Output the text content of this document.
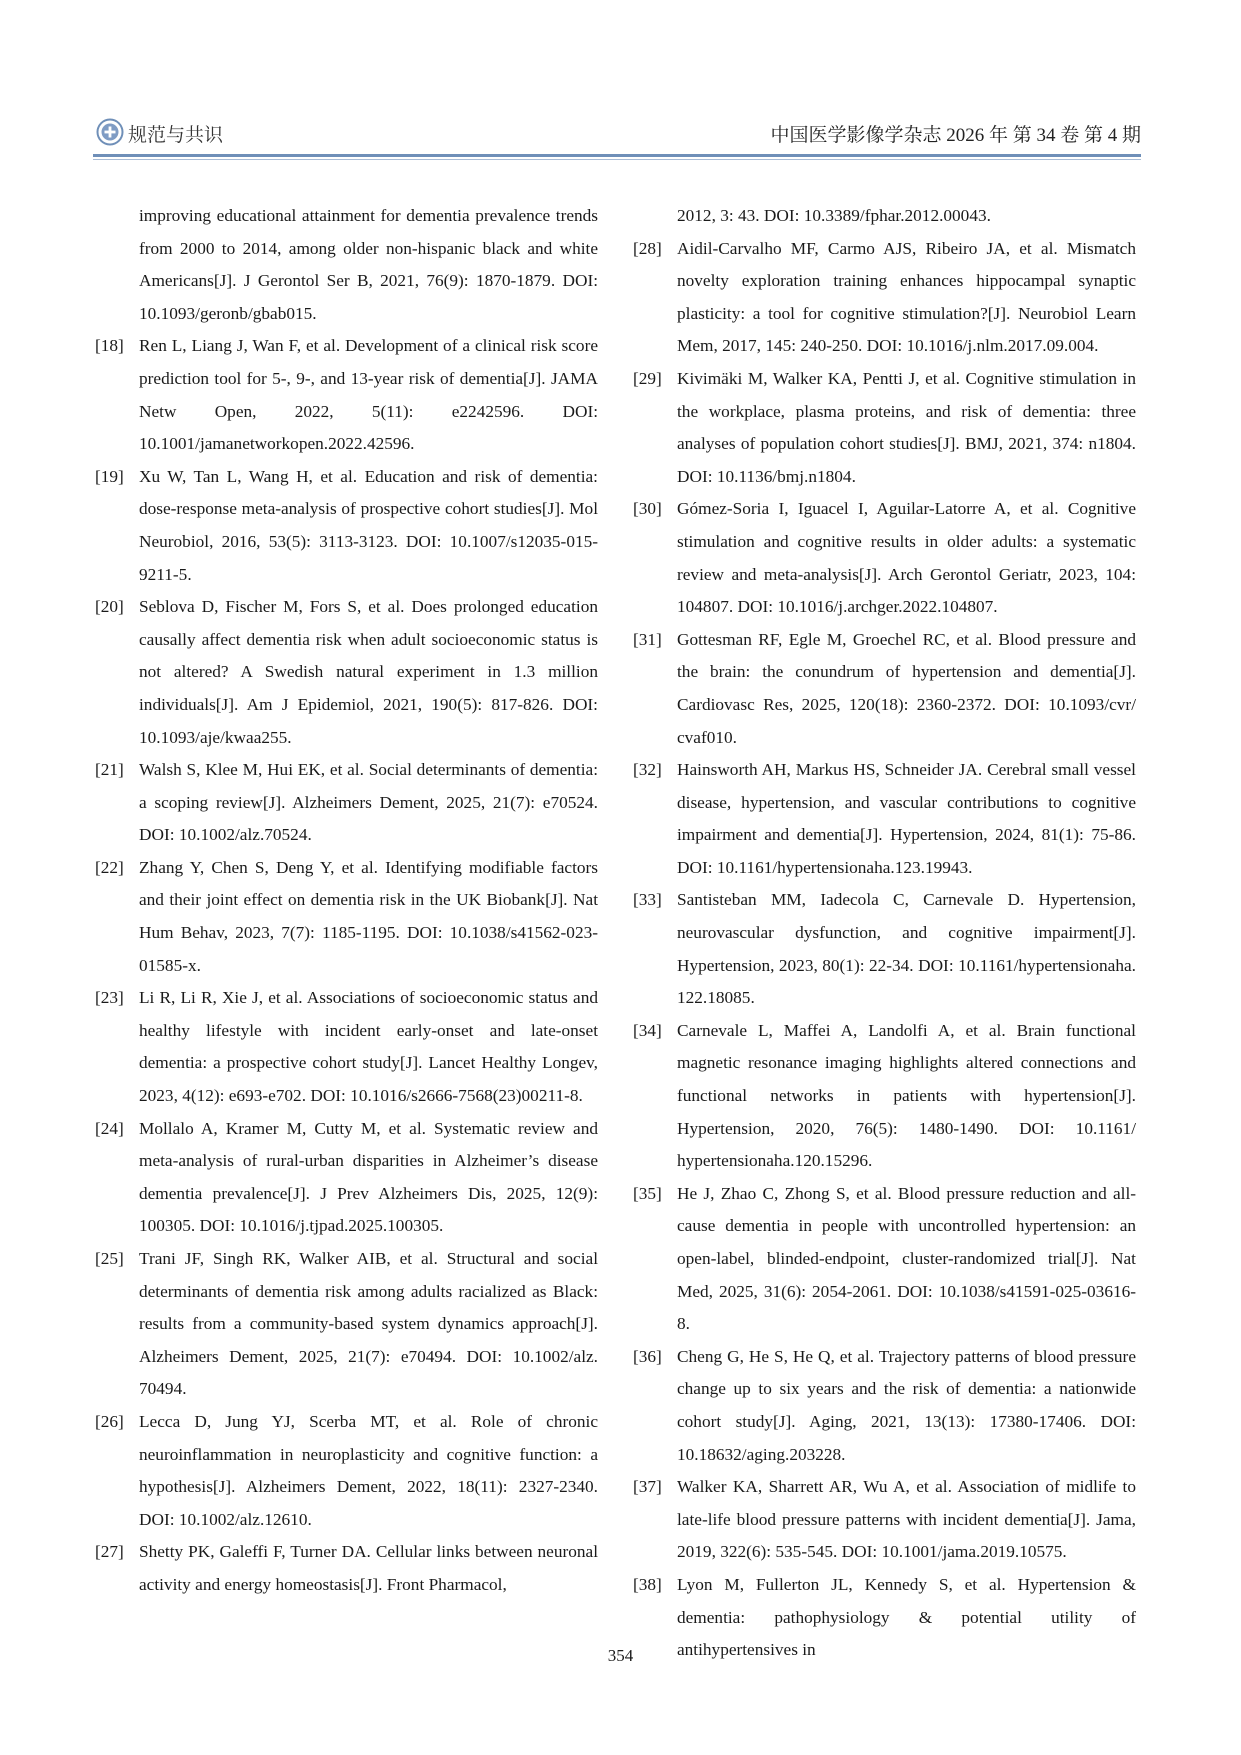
规范与共识	中国医学影像学杂志 2026 年 第 34 卷 第 4 期

improving educational attainment for dementia prevalence trends from 2000 to 2014, among older non-hispanic black and white Americans[J]. J Gerontol Ser B, 2021, 76(9): 1870-1879. DOI: 10.1093/geronb/gbab015.

[18] Ren L, Liang J, Wan F, et al. Development of a clinical risk score prediction tool for 5-, 9-, and 13-year risk of dementia[J]. JAMA Netw Open, 2022, 5(11): e2242596. DOI: 10.1001/jamanetworkopen.2022.42596.

[19] Xu W, Tan L, Wang H, et al. Education and risk of dementia: dose-response meta-analysis of prospective cohort studies[J]. Mol Neurobiol, 2016, 53(5): 3113-3123. DOI: 10.1007/s12035-015-9211-5.

[20] Seblova D, Fischer M, Fors S, et al. Does prolonged education causally affect dementia risk when adult socioeconomic status is not altered? A Swedish natural experiment in 1.3 million individuals[J]. Am J Epidemiol, 2021, 190(5): 817-826. DOI: 10.1093/aje/kwaa255.

[21] Walsh S, Klee M, Hui EK, et al. Social determinants of dementia: a scoping review[J]. Alzheimers Dement, 2025, 21(7): e70524. DOI: 10.1002/alz.70524.

[22] Zhang Y, Chen S, Deng Y, et al. Identifying modifiable factors and their joint effect on dementia risk in the UK Biobank[J]. Nat Hum Behav, 2023, 7(7): 1185-1195. DOI: 10.1038/s41562-023-01585-x.

[23] Li R, Li R, Xie J, et al. Associations of socioeconomic status and healthy lifestyle with incident early-onset and late-onset dementia: a prospective cohort study[J]. Lancet Healthy Longev, 2023, 4(12): e693-e702. DOI: 10.1016/s2666-7568(23)00211-8.

[24] Mollalo A, Kramer M, Cutty M, et al. Systematic review and meta-analysis of rural-urban disparities in Alzheimer’s disease dementia prevalence[J]. J Prev Alzheimers Dis, 2025, 12(9): 100305. DOI: 10.1016/j.tjpad.2025.100305.

[25] Trani JF, Singh RK, Walker AIB, et al. Structural and social determinants of dementia risk among adults racialized as Black: results from a community-based system dynamics approach[J]. Alzheimers Dement, 2025, 21(7): e70494. DOI: 10.1002/alz. 70494.

[26] Lecca D, Jung YJ, Scerba MT, et al. Role of chronic neuroinflammation in neuroplasticity and cognitive function: a hypothesis[J]. Alzheimers Dement, 2022, 18(11): 2327-2340. DOI: 10.1002/alz.12610.

[27] Shetty PK, Galeffi F, Turner DA. Cellular links between neuronal activity and energy homeostasis[J]. Front Pharmacol,

2012, 3: 43. DOI: 10.3389/fphar.2012.00043.

[28] Aidil-Carvalho MF, Carmo AJS, Ribeiro JA, et al. Mismatch novelty exploration training enhances hippocampal synaptic plasticity: a tool for cognitive stimulation?[J]. Neurobiol Learn Mem, 2017, 145: 240-250. DOI: 10.1016/j.nlm.2017.09.004.

[29] Kivimäki M, Walker KA, Pentti J, et al. Cognitive stimulation in the workplace, plasma proteins, and risk of dementia: three analyses of population cohort studies[J]. BMJ, 2021, 374: n1804. DOI: 10.1136/bmj.n1804.

[30] Gómez-Soria I, Iguacel I, Aguilar-Latorre A, et al. Cognitive stimulation and cognitive results in older adults: a systematic review and meta-analysis[J]. Arch Gerontol Geriatr, 2023, 104: 104807. DOI: 10.1016/j.archger.2022.104807.

[31] Gottesman RF, Egle M, Groechel RC, et al. Blood pressure and the brain: the conundrum of hypertension and dementia[J]. Cardiovasc Res, 2025, 120(18): 2360-2372. DOI: 10.1093/cvr/ cvaf010.

[32] Hainsworth AH, Markus HS, Schneider JA. Cerebral small vessel disease, hypertension, and vascular contributions to cognitive impairment and dementia[J]. Hypertension, 2024, 81(1): 75-86. DOI: 10.1161/hypertensionaha.123.19943.

[33] Santisteban MM, Iadecola C, Carnevale D. Hypertension, neurovascular dysfunction, and cognitive impairment[J]. Hypertension, 2023, 80(1): 22-34. DOI: 10.1161/hypertensionaha. 122.18085.

[34] Carnevale L, Maffei A, Landolfi A, et al. Brain functional magnetic resonance imaging highlights altered connections and functional networks in patients with hypertension[J]. Hypertension, 2020, 76(5): 1480-1490. DOI: 10.1161/ hypertensionaha.120.15296.

[35] He J, Zhao C, Zhong S, et al. Blood pressure reduction and all-cause dementia in people with uncontrolled hypertension: an open-label, blinded-endpoint, cluster-randomized trial[J]. Nat Med, 2025, 31(6): 2054-2061. DOI: 10.1038/s41591-025-03616-8.

[36] Cheng G, He S, He Q, et al. Trajectory patterns of blood pressure change up to six years and the risk of dementia: a nationwide cohort study[J]. Aging, 2021, 13(13): 17380-17406. DOI: 10.18632/aging.203228.

[37] Walker KA, Sharrett AR, Wu A, et al. Association of midlife to late-life blood pressure patterns with incident dementia[J]. Jama, 2019, 322(6): 535-545. DOI: 10.1001/jama.2019.10575.

[38] Lyon M, Fullerton JL, Kennedy S, et al. Hypertension & dementia: pathophysiology & potential utility of antihypertensives in

354
